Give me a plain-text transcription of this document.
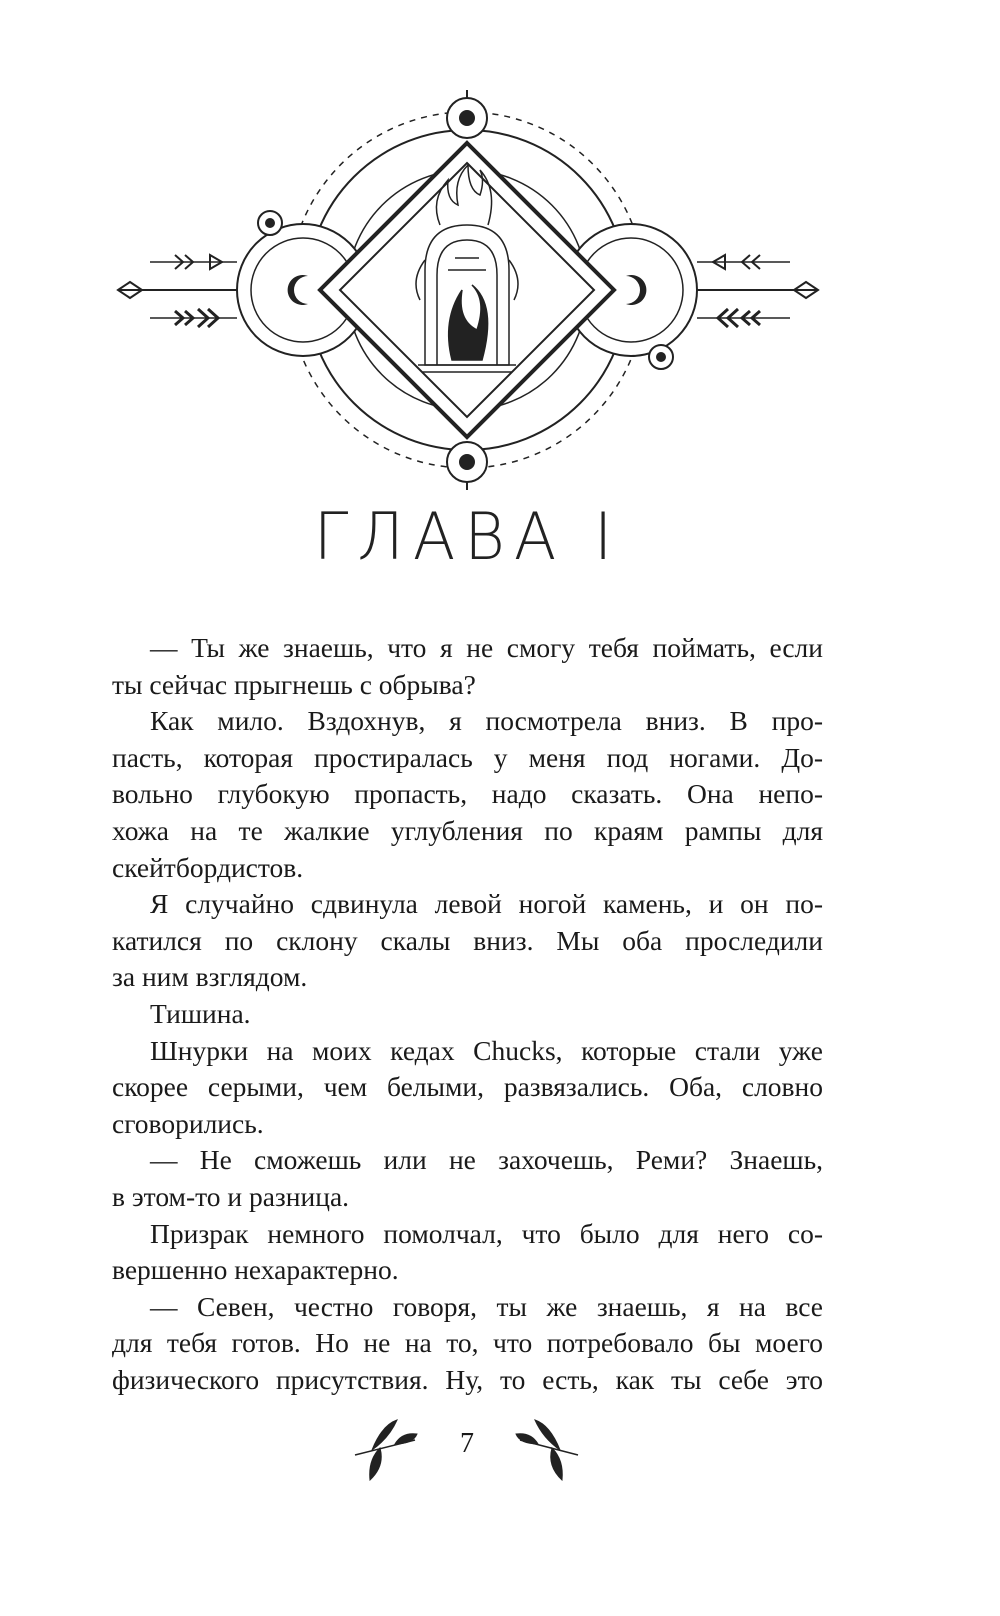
ГЛАВА I
— Ты же знаешь, что я не смогу тебя поймать, если
ты сейчас прыгнешь с обрыва?
Как мило. Вздохнув, я посмотрела вниз. В про-
пасть, которая простиралась у меня под ногами. До-
вольно глубокую пропасть, надо сказать. Она непо-
хожа на те жалкие углубления по краям рампы для
скейтбордистов.
Я случайно сдвинула левой ногой камень, и он по-
катился по склону скалы вниз. Мы оба проследили
за ним взглядом.
Тишина.
Шнурки на моих кедах Chucks, которые стали уже
скорее серыми, чем белыми, развязались. Оба, словно
сговорились.
— Не сможешь или не захочешь, Реми? Знаешь,
в этом-то и разница.
Призрак немного помолчал, что было для него со-
вершенно нехарактерно.
— Севен, честно говоря, ты же знаешь, я на все
для тебя готов. Но не на то, что потребовало бы моего
физического присутствия. Ну, то есть, как ты себе это
7
